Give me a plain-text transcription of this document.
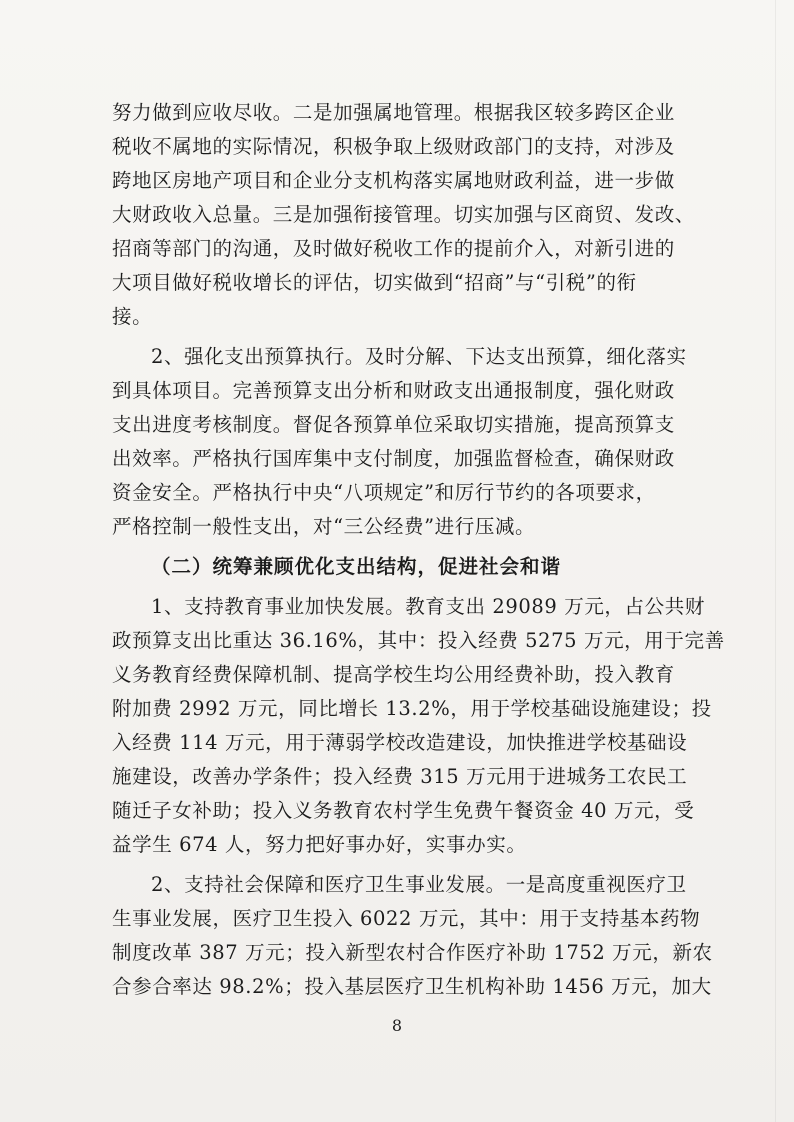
努力做到应收尽收。二是加强属地管理。根据我区较多跨区企业
税收不属地的实际情况，积极争取上级财政部门的支持，对涉及
跨地区房地产项目和企业分支机构落实属地财政利益，进一步做
大财政收入总量。三是加强衔接管理。切实加强与区商贸、发改、
招商等部门的沟通，及时做好税收工作的提前介入，对新引进的
大项目做好税收增长的评估，切实做到“招商”与“引税”的衔
接。
2、强化支出预算执行。及时分解、下达支出预算，细化落实
到具体项目。完善预算支出分析和财政支出通报制度，强化财政
支出进度考核制度。督促各预算单位采取切实措施，提高预算支
出效率。严格执行国库集中支付制度，加强监督检查，确保财政
资金安全。严格执行中央“八项规定”和厉行节约的各项要求，
严格控制一般性支出，对“三公经费”进行压减。
（二）统筹兼顾优化支出结构，促进社会和谐
1、支持教育事业加快发展。教育支出 29089 万元，占公共财
政预算支出比重达 36.16%，其中：投入经费 5275 万元，用于完善
义务教育经费保障机制、提高学校生均公用经费补助，投入教育
附加费 2992 万元，同比增长 13.2%，用于学校基础设施建设；投
入经费 114 万元，用于薄弱学校改造建设，加快推进学校基础设
施建设，改善办学条件；投入经费 315 万元用于进城务工农民工
随迁子女补助；投入义务教育农村学生免费午餐资金 40 万元，受
益学生 674 人，努力把好事办好，实事办实。
2、支持社会保障和医疗卫生事业发展。一是高度重视医疗卫
生事业发展，医疗卫生投入 6022 万元，其中：用于支持基本药物
制度改革 387 万元；投入新型农村合作医疗补助 1752 万元，新农
合参合率达 98.2%；投入基层医疗卫生机构补助 1456 万元，加大
8
